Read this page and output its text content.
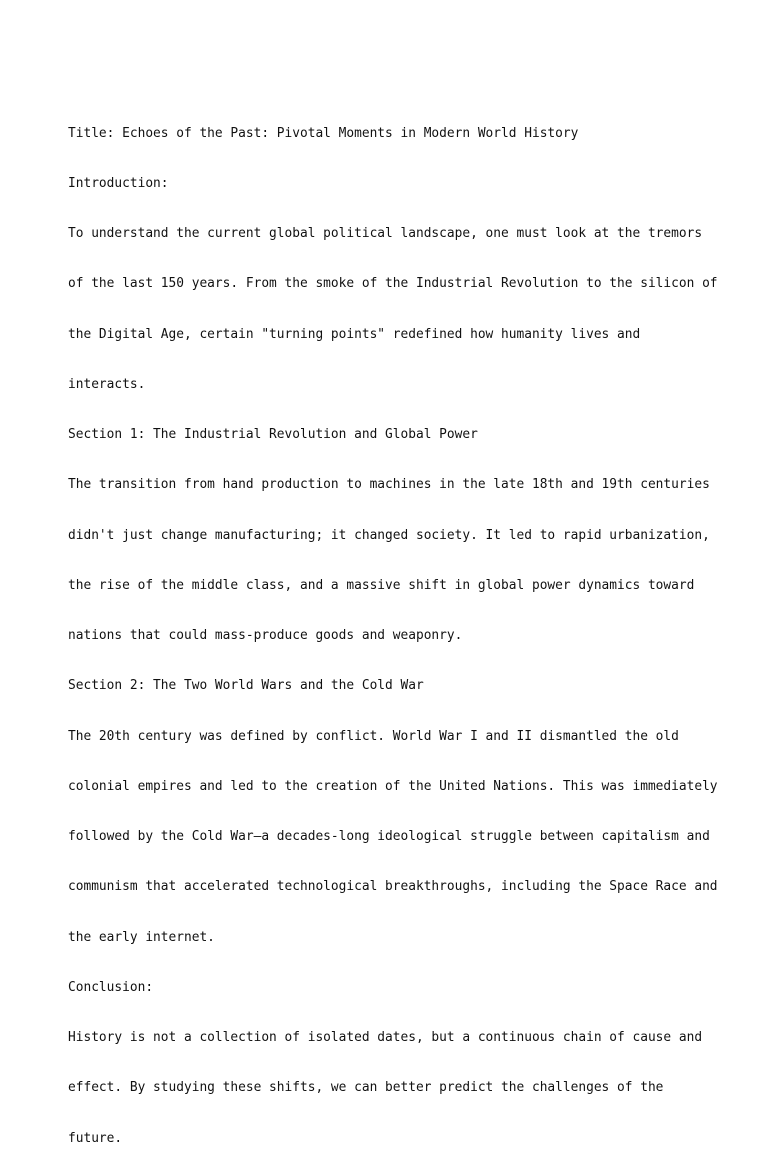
Title: Echoes of the Past: Pivotal Moments in Modern World History

Introduction:

To understand the current global political landscape, one must look at the tremors

of the last 150 years. From the smoke of the Industrial Revolution to the silicon of

the Digital Age, certain "turning points" redefined how humanity lives and

interacts.

Section 1: The Industrial Revolution and Global Power

The transition from hand production to machines in the late 18th and 19th centuries

didn't just change manufacturing; it changed society. It led to rapid urbanization,

the rise of the middle class, and a massive shift in global power dynamics toward

nations that could mass-produce goods and weaponry.

Section 2: The Two World Wars and the Cold War

The 20th century was defined by conflict. World War I and II dismantled the old

colonial empires and led to the creation of the United Nations. This was immediately

followed by the Cold War—a decades-long ideological struggle between capitalism and

communism that accelerated technological breakthroughs, including the Space Race and

the early internet.

Conclusion:

History is not a collection of isolated dates, but a continuous chain of cause and

effect. By studying these shifts, we can better predict the challenges of the

future.
